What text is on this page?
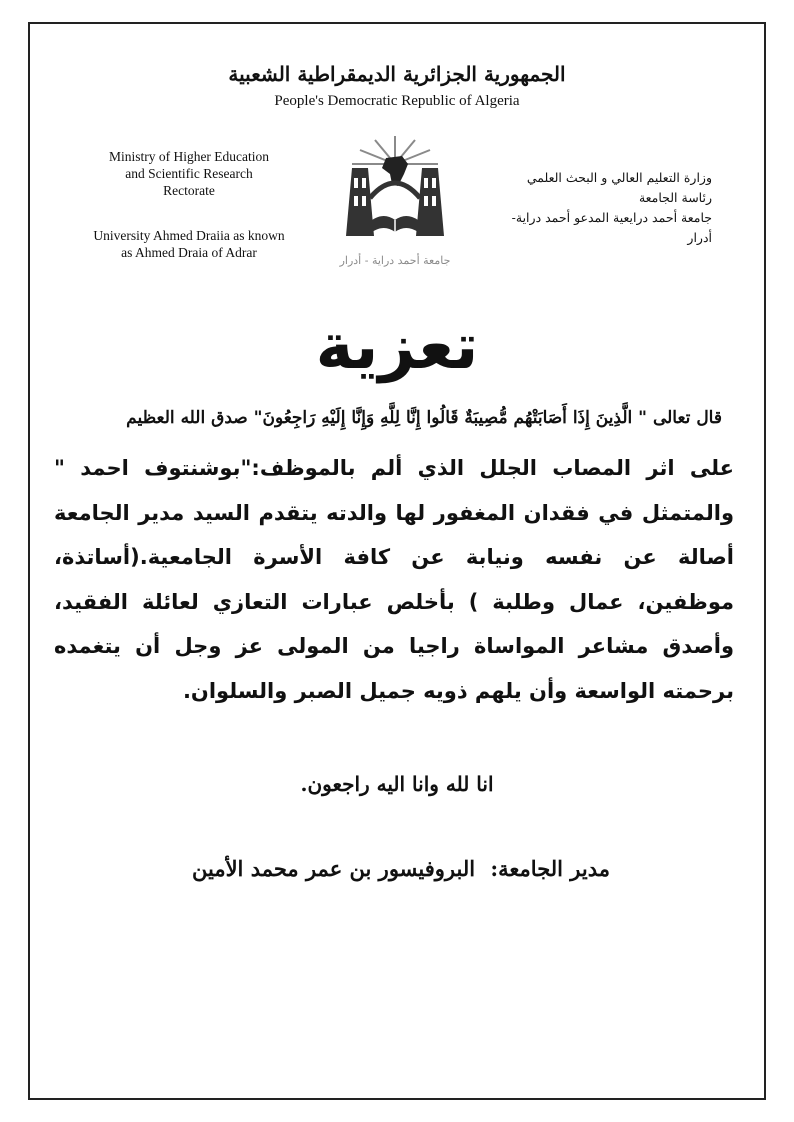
الجمهورية الجزائرية الديمقراطية الشعبية
People's Democratic Republic of Algeria
Ministry of Higher Education
and Scientific Research
Rectorate
University Ahmed Draiia as known
as Ahmed Draia of Adrar
وزارة التعليم العالي و البحث العلمي
رئاسة الجامعة
جامعة أحمد درايعية المدعو أحمد دراية- أدرار
جامعة أحمد دراية - أدرار
تعزية
قال تعالى " الَّذِينَ إِذَا أَصَابَتْهُم مُّصِيبَةٌ قَالُوا إِنَّا لِلَّهِ وَإِنَّا إِلَيْهِ رَاجِعُونَ" صدق الله العظيم
على اثر المصاب الجلل الذي ألم بالموظف:"بوشنتوف احمد " والمتمثل في فقدان المغفور لها والدته يتقدم السيد مدير الجامعة أصالة عن نفسه ونيابة عن كافة الأسرة الجامعية.(أساتذة، موظفين، عمال وطلبة ) بأخلص عبارات التعازي لعائلة الفقيد، وأصدق مشاعر المواساة راجيا من المولى عز وجل أن يتغمده برحمته الواسعة وأن يلهم ذويه جميل الصبر والسلوان.
انا لله وانا اليه راجعون.
مدير الجامعة: البروفيسور بن عمر محمد الأمين
